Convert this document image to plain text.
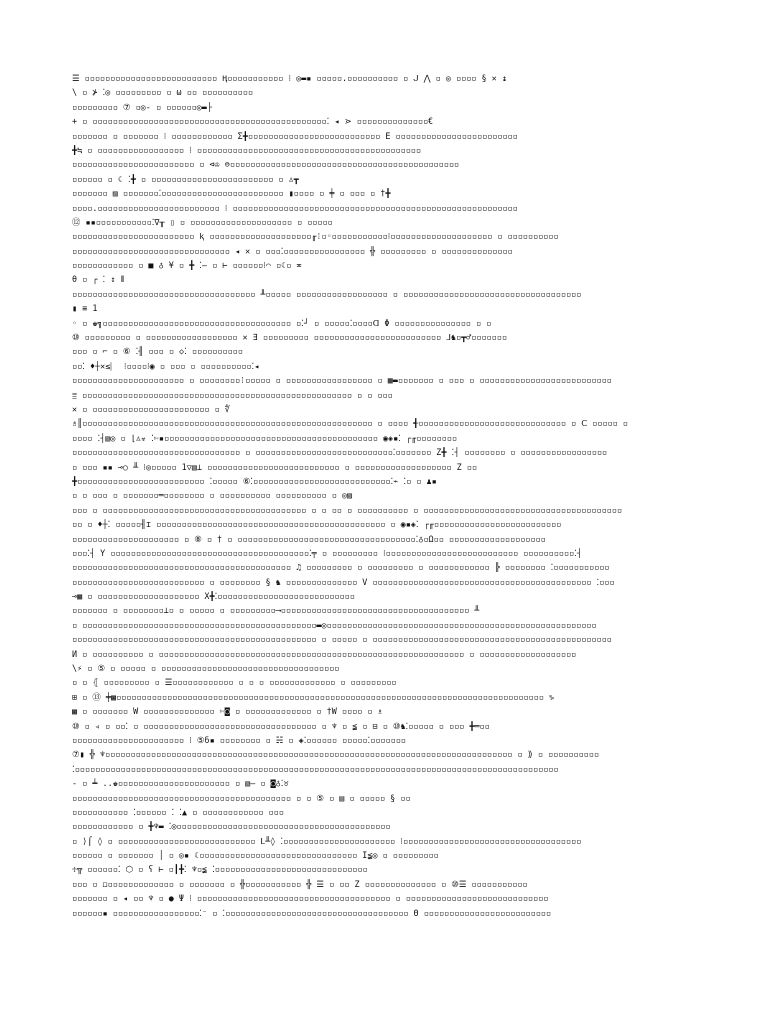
☰ ▫▫▫▫▫▫▫▫▫▫▫▫▫▫▫▫▫▫▫▫▫▫▫▫▫▫ Ⱨ▫▫▫▫▫▫▫▫▫▫▫ ⁝ ◎▬▪ ▫▫▫▫▫.▫▫▫▫▫▫▫▫▫▫ ▫ ᒍ ⋀ ▫ ◎ ▫▫▫▫ § ✕ ↨
\ ▫ ⊁ ⁚◎ ▫▫▫▫▫▫▫▫▫ ▫ ω ▫▫ ▫▫▫▫▫▫▫▫▫▫
▫▫▫▫▫▫▫▫▫ ⑦ ▫◎- ▫ ▫▫▫▫▫▫◎▬├
+ ▫ ▫▫▫▫▫▫▫▫▫▫▫▫▫▫▫▫▫▫▫▫▫▫▫▫▫▫▫▫▫▫▫▫▫▫▫▫▫▫▫▫▫▫▫▫▫▫⁚ ◂ ⋗ ▫▫▫▫▫▫▫▫▫▫▫▫▫▫€
▫▫▫▫▫▫▫ ▫ ▫▫▫▫▫▫▫ ⁝ ▫▫▫▫▫▫▫▫▫▫▫▫ Σ╋▫▫▫▫▫▫▫▫▫▫▫▫▫▫▫▫▫▫▫▫▫▫▫▫▫▫ Ε ▫▫▫▫▫▫▫▫▫▫▫▫▫▫▫▫▫▫▫▫▫▫▫▫
╋≒ ▫ ▫▫▫▫▫▫▫▫▫▫▫▫▫▫▫▫▫ ⁝ ▫▫▫▫▫▫▫▫▫▫▫▫▫▫▫▫▫▫▫▫▫▫▫▫▫▫▫▫▫▫▫▫▫▫▫▫▫▫▫▫▫▫▫▫
▫▫▫▫▫▫▫▫▫▫▫▫▫▫▫▫▫▫▫▫▫▫▫▫ ▫ ⊲♔ ⊜▫▫▫▫▫▫▫▫▫▫▫▫▫▫▫▫▫▫▫▫▫▫▫▫▫▫▫▫▫▫▫▫▫▫▫▫▫▫▫▫▫▫▫▫▫
▫▫▫▫▫▫ ▫ ☾ ⁚╋ ▫ ▫▫▫▫▫▫▫▫▫▫▫▫▫▫▫▫▫▫▫▫▫▫▫▫ ▫ ♙┳
▫▫▫▫▫▫▫ ▨ ▫▫▫▫▫▫▫⁚▫▫▫▫▫▫▫▫▫▫▫▫▫▫▫▫▫▫▫▫▫▫▫▫ ▮▫▫▫▫ ▫ ╪ ▫ ▫▫▫ ▫ †╋
▫▫▫▫.▫▫▫▫▫▫▫▫▫▫▫▫▫▫▫▫▫▫▫▫▫▫▫▫ ⁝ ▫▫▫▫▫▫▫▫▫▫▫▫▫▫▫▫▫▫▫▫▫▫▫▫▫▫▫▫▫▫▫▫▫▫▫▫▫▫▫▫▫▫▫▫▫▫▫▫▫▫▫▫▫▫▫▫
⑫ ▪▪▫▫▫▫▫▫▫▫▫▫▫⁚∇╥ ▯ ▫ ▫▫▫▫▫▫▫▫▫▫▫▫▫▫▫▫▫▫▫▫ ▫ ▫▫▫▫▫
▫▫▫▫▫▫▫▫▫▫▫▫▫▫▫▫▫▫▫▫▫▫▫▫ ⱪ ▫▫▫▫▫▫▫▫▫▫▫▫▫▫▫▫▫▫▫▫╓⁞▫◦▫▫▫▫▫▫▫▫▫▫▫⁝▫▫▫▫▫▫▫▫▫▫▫▫▫▫▫▫▫▫▫▫ ▫ ▫▫▫▫▫▫▫▫▫▫
▫▫▫▫▫▫▫▫▫▫▫▫▫▫▫▫▫▫▫▫▫▫▫▫▫▫▫▫▫▫▫ ◂ ✕ ▫ ▫▫▫⁚▫▫▫▫▫▫▫▫▫▫▫▫▫▫▫▫ ╬ ▫▫▫▫▫▫▫▫▫ ▫ ▫▫▫▫▫▫▫▫▫▫▫▫▫▫
▫▫▫▫▫▫▫▫▫▫▫▫ ▫ ■ ♁ ¥ ▫ ╋ ⁚— ▫ ⊢ ▫▫▫▫▫▫⁝⌒ ▫☾▫ ≖
θ ▫ ┌ ⁚ ↕ ⫴
▫▫▫▫▫▫▫▫▫▫▫▫▫▫▫▫▫▫▫▫▫▫▫▫▫▫▫▫▫▫▫▫▫▫▫▫ ╨▫▫▫▫▫ ▫▫▫▫▫▫▫▫▫▫▫▫▫▫▫▫▫▫ ▫ ▫▫▫▫▫▫▫▫▫▫▫▫▫▫▫▫▫▫▫▫▫▫▫▫▫▫▫▫▫▫▫▫▫▫▫
▮ ≡ 1
◦ ▫ ♚╗▫▫▫▫▫▫▫▫▫▫▫▫▫▫▫▫▫▫▫▫▫▫▫▫▫▫▫▫▫▫▫▫▫▫▫▫▫ ▫⁚┘ ▫ ▫▫▫▫▫⁚▫▫▫▫ᗡ Φ ▫▫▫▫▫▫▫▫▫▫▫▫▫▫▫ ▫ ▫
⑩ ▫▫▫▫▫▫▫▫▫ ▫ ▫▫▫▫▫▫▫▫▫▫▫▫▫▫▫▫▫▫ ✕ ∃ ▫▫▫▫▫▫▫▫▫ ▫▫▫▫▫▫▫▫▫▫▫▫▫▫▫▫▫▫▫▫▫▫▫▫▫ ⅃♞▫┳♂▫▫▫▫▫▫▫
▫▫▫ ▫ ⌐ ▫ ⑥ ⁚╢ ▫▫▫ ▫ ◇⁚ ▫▫▫▫▫▫▫▫▫▫
▫▫⁚ ♦┼✕≲⎸ ⁝▫▫▫▫⁝◉ ▫ ▫▫▫ ▫ ▫▫▫▫▫▫▫▫▫▫⁚◂
▫▫▫▫▫▫▫▫▫▫▫▫▫▫▫▫▫▫▫▫▫▫ ▫ ▫▫▫▫▫▫▫▫⁞▫▫▫▫▫ ▫ ▫▫▫▫▫▫▫▫▫▫▫▫▫▫▫▫▫ ▫ ▦▬▫▫▫▫▫▫▫ ▫ ▫▫▫ ▫ ▫▫▫▫▫▫▫▫▫▫▫▫▫▫▫▫▫▫▫▫▫▫▫▫▫▫
⩰ ▫▫▫▫▫▫▫▫▫▫▫▫▫▫▫▫▫▫▫▫▫▫▫▫▫▫▫▫▫▫▫▫▫▫▫▫▫▫▫▫▫▫▫▫▫▫▫▫▫▫▫▫▫ ▫ ▫ ▫▫▫
✕ ▫ ▫▫▫▫▫▫▫▫▫▫▫▫▫▫▫▫▫▫▫▫▫▫▫ ▫ ∜
♗║▫▫▫▫▫▫▫▫▫▫▫▫▫▫▫▫▫▫▫▫▫▫▫▫▫▫▫▫▫▫▫▫▫▫▫▫▫▫▫▫▫▫▫▫▫▫▫▫▫▫▫▫▫▫▫▫▫ ▫ ▫▫▫▫ ╉▫▫▫▫▫▫▫▫▫▫▫▫▫▫▫▫▫▫▫▫▫▫▫▫▫▫▫▫▫ ▫ Ⅽ ▫▫▫▫▫ ▫
▫▫▫▫ ⁚┤▧◎ ▫ ⌊♙☣ ⁚✄▪▫▫▫▫▫▫▫▫▫▫▫▫▫▫▫▫▫▫▫▫▫▫▫▫▫▫▫▫▫▫▫▫▫▫▫▫▫▫▫▫▫▫ ◉◈▪⁚ ┌╓▫▫▫▫▫▫▫▫
▫▫▫▫▫▫▫▫▫▫▫▫▫▫▫▫▫▫▫▫▫▫▫▫▫▫▫▫▫▫▫▫▫ ▫ ▫▫▫▫▫▫▫▫▫▫▫▫▫▫▫▫▫▫▫▫▫▫▫▫▫▫▫⁚▫▫▫▫▫▫▫ Ζ╋ ⁚┤ ▫▫▫▫▫▫▫▫ ▫ ▫▫▫▫▫▫▫▫▫▫▫▫▫▫▫▫▫
▫ ▫▫▫ ▪▪ ⊸○ ╨ ⁝◎▫▫▫▫▫ 1▽▧⊥ ▫▫▫▫▫▫▫▫▫▫▫▫▫▫▫▫▫▫▫▫▫▫▫▫▫▫ ▫ ▫▫▫▫▫▫▫▫▫▫▫▫▫▫▫▫▫▫▫ Ζ ▫▫
╋▫▫▫▫▫▫▫▫▫▫▫▫▫▫▫▫▫▫▫▫▫▫▫▫▫ ⁚▫▫▫▫▫ ⑥⁚▫▫▫▫▫▫▫▫▫▫▫▫▫▫▫▫▫▫▫▫▫▫▫▫▫▫▫⁚⌁ ⁚▫ ▫ ♟▪
▫ ▫ ▫▫▫ ▫ ▫▫▫▫▫▫▫═▫▫▫▫▫▫▫▫ ▫ ▫▫▫▫▫▫▫▫▫▫ ▫▫▫▫▫▫▫▫▫▫ ▫ ◎▨
▫▫▫ ▫ ▫▫▫▫▫▫▫▫▫▫▫▫▫▫▫▫▫▫▫▫▫▫▫▫▫▫▫▫▫▫▫▫▫▫▫▫▫▫▫▫ ▫ ▫ ▫▫ ▫ ▫▫▫▫▫▫▫▫▫▫ ▫ ▫▫▫▫▫▫▫▫▫▫▫▫▫▫▫▫▫▫▫▫▫▫▫▫▫▫▫▫▫▫▫▫▫▫▫▫▫▫▫
▫▫ ▫ ♦┼⁚ ▫▫▫▫▫╢ɪ ▫▫▫▫▫▫▫▫▫▫▫▫▫▫▫▫▫▫▫▫▫▫▫▫▫▫▫▫▫▫▫▫▫▫▫▫▫▫▫▫▫▫▫▫▫ ▫ ◉▪◈⁚ ┌╓▫▫▫▫▫▫▫▫▫▫▫▫▫▫▫▫▫▫▫▫▫▫▫▫▫
▫▫▫▫▫▫▫▫▫▫▫▫▫▫▫▫▫▫▫▫▫ ▫ ⑧ ▫ † ▫ ▫▫▫▫▫▫▫▫▫▫▫▫▫▫▫▫▫▫▫▫▫▫▫▫▫▫▫▫▫▫▫▫▫▫▫⁚♁▫Ω▫▫ ▫▫▫▫▫▫▫▫▫▫▫▫▫▫▫▫▫▫▫
▫▫▫⁚┤ Y ▫▫▫▫▫▫▫▫▫▫▫▫▫▫▫▫▫▫▫▫▫▫▫▫▫▫▫▫▫▫▫▫▫▫▫▫▫▫▫⁚╤ ▫ ▫▫▫▫▫▫▫▫▫ ⁝▫▫▫▫▫▫▫▫▫▫▫▫▫▫▫▫▫▫▫▫▫▫▫▫▫▫ ▫▫▫▫▫▫▫▫▫▫⁚┤
▫▫▫▫▫▫▫▫▫▫▫▫▫▫▫▫▫▫▫▫▫▫▫▫▫▫▫▫▫▫▫▫▫▫▫▫▫▫▫▫▫▫▫ ♫ ▫▫▫▫▫▫▫▫▫ ▫ ▫▫▫▫▫▫▫▫▫ ▫ ▫▫▫▫▫▫▫▫▫▫▫▫ ╠ ▫▫▫▫▫▫▫▫ ⁚▫▫▫▫▫▫▫▫▫▫▫
▫▫▫▫▫▫▫▫▫▫▫▫▫▫▫▫▫▫▫▫▫▫▫▫▫▫ ▫ ▫▫▫▫▫▫▫▫ § ♞ ▫▫▫▫▫▫▫▫▫▫▫▫▫▫ V ▫▫▫▫▫▫▫▫▫▫▫▫▫▫▫▫▫▫▫▫▫▫▫▫▫▫▫▫▫▫▫▫▫▫▫▫▫▫▫▫▫▫▫ ⁚▫▫▫
⊸▩ ▫ ▫▫▫▫▫▫▫▫▫▫▫▫▫▫▫▫▫▫▫▫ X╋⁚▫▫▫▫▫▫▫▫▫▫▫▫▫▫▫▫▫▫▫▫▫▫▫▫▫▫▫
▫▫▫▫▫▫▫ ▫ ▫▫▫▫▫▫▫▫⊥▫ ▫ ▫▫▫▫▫ ▫ ▫▫▫▫▫▫▫▫▫⟶▫▫▫▫▫▫▫▫▫▫▫▫▫▫▫▫▫▫▫▫▫▫▫▫▫▫▫▫▫▫▫▫▫▫▫▫▫ ╨
▫ ▫▫▫▫▫▫▫▫▫▫▫▫▫▫▫▫▫▫▫▫▫▫▫▫▫▫▫▫▫▫▫▫▫▫▫▫▫▫▫▫▫▫▫▫▫▫▬◎▫▫▫▫▫▫▫▫▫▫▫▫▫▫▫▫▫▫▫▫▫▫▫▫▫▫▫▫▫▫▫▫▫▫▫▫▫▫▫▫▫▫▫▫▫▫▫▫▫▫▫▫▫
▫▫▫▫▫▫▫▫▫▫▫▫▫▫▫▫▫▫▫▫▫▫▫▫▫▫▫▫▫▫▫▫▫▫▫▫▫▫▫▫▫▫▫▫▫▫▫▫ ▫ ▫▫▫▫▫ ▫ ▫▫▫▫▫▫▫▫▫▫▫▫▫▫▫▫▫▫▫▫▫▫▫▫▫▫▫▫▫▫▫▫▫▫▫▫▫▫▫▫▫▫▫▫▫▫▫
И ▫ ▫▫▫▫▫▫▫▫▫▫ ▫ ▫▫▫▫▫▫▫▫▫▫▫▫▫▫▫▫▫▫▫▫▫▫▫▫▫▫▫▫▫▫▫▫▫▫▫▫▫▫▫▫▫▫▫▫▫▫▫▫▫▫▫▫▫▫▫▫▫▫▫▫ ▫ ▫▫▫▫▫▫▫▫▫▫▫▫▫▫▫▫▫▫▫
\⚡ ▫ ⑤ ▫ ▫▫▫▫▫ ▫ ▫▫▫▫▫▫▫▫▫▫▫▫▫▫▫▫▫▫▫▫▫▫▫▫▫▫▫▫▫▫▫▫▫▫▫
▫ ▫ ⦃ ▫▫▫▫▫▫▫▫▫ ▫ ☰▫▫▫▫▫▫▫▫▫▫▫▫ ▫ ▫ ▫ ▫▫▫▫▫▫▫▫▫▫▫▫▫ ▫ ▫▫▫▫▫▫▫▫▫
⊞ ▫ ⑬ ╪▩▫▫▫▫▫▫▫▫▫▫▫▫▫▫▫▫▫▫▫▫▫▫▫▫▫▫▫▫▫▫▫▫▫▫▫▫▫▫▫▫▫▫▫▫▫▫▫▫▫▫▫▫▫▫▫▫▫▫▫▫▫▫▫▫▫▫▫▫▫▫▫▫▫▫▫▫▫▫▫▫▫▫▫▫ ♑
▩ ▫ ▫▫▫▫▫▫▫ W ▫▫▫▫▫▫▫▫▫▫▫▫▫▫ ✄◙ ▫ ▫▫▫▫▫▫▫▫▫▫▫▫▫ ▫ †W ▫▫▫▫ ▫ ♗
⑩ ▫ ◃ ▫ ▫▫⁚ ▫ ▫▫▫▫▫▫▫▫▫▫▫▫▫▫▫▫▫▫▫▫▫▫▫▫▫▫▫▫▫▫▫▫▫▫ ▫ ♆ ▫ ≨ ▫ ⊟ ▫ ⑩♞⁚▫▫▫▫▫ ▫ ▫▫▫ ╋═▫▫
▫▫▫▫▫▫▫▫▫▫▫▫▫▫▫▫▫▫▫▫▫▫ ⁝ ⑤ნ▪ ▫▫▫▫▫▫▫▫ ▫ ☵ ▫ ◈⁚▫▫▫▫▫▫ ▫▫▫▫▫⁚▫▫▫▫▫▫▫
⑦▮ ╬ ♆▫▫▫▫▫▫▫▫▫▫▫▫▫▫▫▫▫▫▫▫▫▫▫▫▫▫▫▫▫▫▫▫▫▫▫▫▫▫▫▫▫▫▫▫▫▫▫▫▫▫▫▫▫▫▫▫▫▫▫▫▫▫▫▫▫▫▫▫▫▫▫▫▫▫▫▫▫▫▫▫ ▫ ⟫ ▫ ▫▫▫▫▫▫▫▫▫▫
⁚▫▫▫▫▫▫▫▫▫▫▫▫▫▫▫▫▫▫▫▫▫▫▫▫▫▫▫▫▫▫▫▫▫▫▫▫▫▫▫▫▫▫▫▫▫▫▫▫▫▫▫▫▫▫▫▫▫▫▫▫▫▫▫▫▫▫▫▫▫▫▫▫▫▫▫▫▫▫▫▫▫▫▫▫▫▫▫▫▫▫▫▫▫▫▫
- ▫ ┷ ..♚▫▫▫▫▫▫▫▫▫▫▫▫▫▫▫▫▫▫▫▫▫▫ ▫ ▧— ▫ ◙♁⁚♉
▫▫▫▫▫▫▫▫▫▫▫▫▫▫▫▫▫▫▫▫▫▫▫▫▫▫▫▫▫▫▫▫▫▫▫▫▫▫▫▫▫▫▫ ▫ ▫ ⑤ ▫ ▤ ▫ ▫▫▫▫▫ § ▫▫
▫▫▫▫▫▫▫▫▫▫▫ ⁚▫▫▫▫▫▫ ⁚ ⁚▲ ▫ ▫▫▫▫▫▫▫▫▫▫▫▫ ▫▫▫
▫▫▫▫▫▫▫▫▫▫▫▫ ▫ ╋♆▬ ⁚◎▫▫▫▫▫▫▫▫▫▫▫▫▫▫▫▫▫▫▫▫▫▫▫▫▫▫▫▫▫▫▫▫▫▫▫▫▫▫▫▫▫▫
▫ ⟩⌠ ◊ ▫ ▫▫▫▫▫▫▫▫▫▫▫▫▫▫▫▫▫▫▫▫▫▫▫▫▫▫▫ ᒪ╨◊ ⁚▫▫▫▫▫▫▫▫▫▫▫▫▫▫▫▫▫▫▫▫▫▫ ⁝▫▫▫▫▫▫▫▫▫▫▫▫▫▫▫▫▫▫▫▫▫▫▫▫▫▫▫▫▫▫▫▫▫▫▫
▫▫▫▫▫▫ ▫ ▫▫▫▫▫▫▫ │ ▫ ◎▪ ☾▫▫▫▫▫▫▫▫▫▫▫▫▫▫▫▫▫▫▫▫▫▫▫▫▫▫▫▫▫▫▫ I≨◎ ▫ ▫▫▫▫▫▫▫▫▫
♱╦ ▫▫▫▫▫▫⁚ ⬡ ▫ ʕ ⊢ ▫┃╋⁚ ♆▫≨ ⁚▫▫▫▫▫▫▫▫▫▫▫▫▫▫▫▫▫▫▫▫▫▫▫▫▫▫▫▫▫▫
▫▫▫ ▫ ◻▫▫▫▫▫▫▫▫▫▫▫▫▫ ▫ ▫▫▫▫▫▫▫ ▫ ╬▫▫▫▫▫▫▫▫▫▫▫ ╬ ☰ ▫ ▫▫ Z ▫▫▫▫▫▫▫▫▫▫▫▫▫▫ ▫ ⑩☰ ▫▫▫▫▫▫▫▫▫▫▫
▫▫▫▫▫▫▫ ▫ ◂ ▫▫ ♆ ▫ ● Ψ ⁝ ▫▫▫▫▫▫▫▫▫▫▫▫▫▫▫▫▫▫▫▫▫▫▫▫▫▫▫▫▫▫▫▫▫▫▫▫▫▫ ▫ ▫▫▫▫▫▫▫▫▫▫▫▫▫▫▫▫▫▫▫▫▫▫▫▫▫▫▫▫
▫▫▫▫▫▫▪ ▫▫▫▫▫▫▫▫▫▫▫▫▫▫▫▫▫⁚⁻ ▫ ⁚▫▫▫▫▫▫▫▫▫▫▫▫▫▫▫▫▫▫▫▫▫▫▫▫▫▫▫▫▫▫▫▫▫▫▫▫ Θ ▫▫▫▫▫▫▫▫▫▫▫▫▫▫▫▫▫▫▫▫▫▫▫▫▫
